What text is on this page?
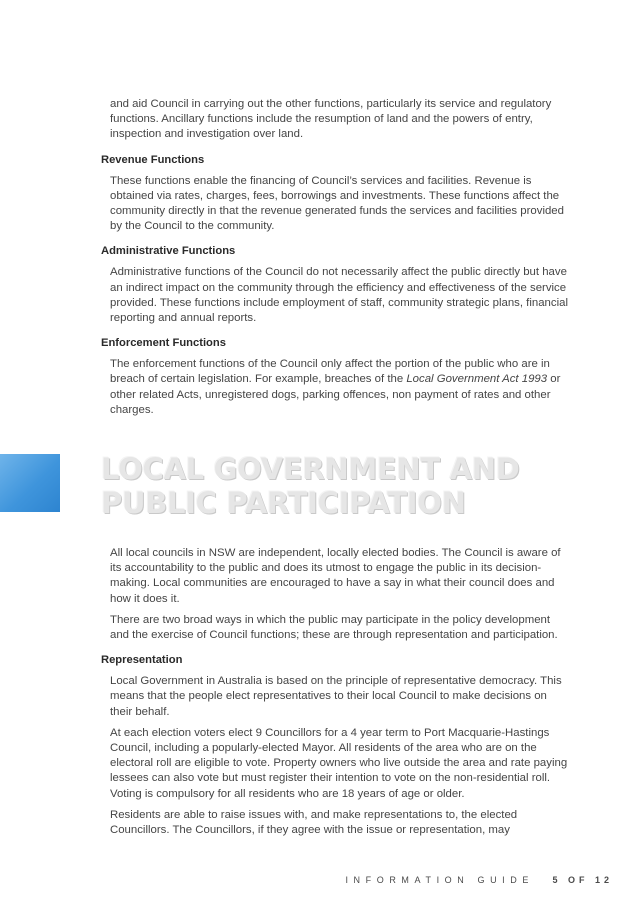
and aid Council in carrying out the other functions, particularly its service and regulatory functions. Ancillary functions include the resumption of land and the powers of entry, inspection and investigation over land.

Revenue Functions

These functions enable the financing of Council’s services and facilities. Revenue is obtained via rates, charges, fees, borrowings and investments. These functions affect the community directly in that the revenue generated funds the services and facilities provided by the Council to the community.

Administrative Functions

Administrative functions of the Council do not necessarily affect the public directly but have an indirect impact on the community through the efficiency and effectiveness of the service provided. These functions include employment of staff, community strategic plans, financial reporting and annual reports.

Enforcement Functions

The enforcement functions of the Council only affect the portion of the public who are in breach of certain legislation. For example, breaches of the Local Government Act 1993 or other related Acts, unregistered dogs, parking offences, non payment of rates and other charges.

LOCAL GOVERNMENT AND
PUBLIC PARTICIPATION

All local councils in NSW are independent, locally elected bodies. The Council is aware of its accountability to the public and does its utmost to engage the public in its decision-making. Local communities are encouraged to have a say in what their council does and how it does it.

There are two broad ways in which the public may participate in the policy development and the exercise of Council functions; these are through representation and participation.

Representation

Local Government in Australia is based on the principle of representative democracy. This means that the people elect representatives to their local Council to make decisions on their behalf.

At each election voters elect 9 Councillors for a 4 year term to Port Macquarie-Hastings Council, including a popularly-elected Mayor. All residents of the area who are on the electoral roll are eligible to vote. Property owners who live outside the area and rate paying lessees can also vote but must register their intention to vote on the non-residential roll. Voting is compulsory for all residents who are 18 years of age or older.

Residents are able to raise issues with, and make representations to, the elected Councillors. The Councillors, if they agree with the issue or representation, may

INFORMATION GUIDE 5 OF 12
